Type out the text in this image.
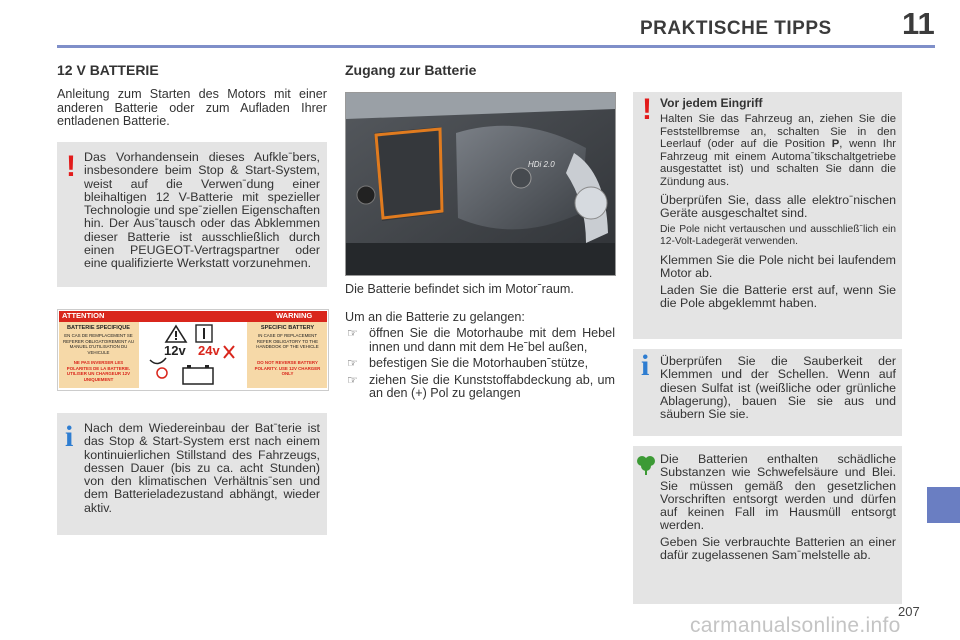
PRAKTISCHE TIPPS 11
12 V BATTERIE
Anleitung zum Starten des Motors mit einer anderen Batterie oder zum Aufladen Ihrer entladenen Batterie.
! Das Vorhandensein dieses Aufkleˉbers, insbesondere beim Stop & Start-System, weist auf die Verwenˉdung einer bleihaltigen 12 V-Batterie mit spezieller Technologie und speˉziellen Eigenschaften hin. Der Ausˉtausch oder das Abklemmen dieser Batterie ist ausschließlich durch einen PEUGEOT-Vertragspartner oder eine qualifizierte Werkstatt vorzunehmen.
ATTENTION	WARNING
BATTERIE SPECIFIQUE
EN CAS DE REMPLACEMENT SE REFERER OBLIGATOIREMENT AU MANUEL D'UTILISATION DU VEHICULE
NE PAS INVERSER LES POLARITES DE LA BATTERIE. UTILISER UN CHARGEUR 12V UNIQUEMENT
SPECIFIC BATTERY
IN CASE OF REPLACEMENT REFER OBLIGATORY TO THE HANDBOOK OF THE VEHICLE
DO NOT REVERSE BATTERY POLARITY. USE 12V CHARGER ONLY
12v 24v
i Nach dem Wiedereinbau der Batˉterie ist das Stop & Start-System erst nach einem kontinuierlichen Stillstand des Fahrzeugs, dessen Dauer (bis zu ca. acht Stunden) von den klimatischen Verhältnisˉsen und dem Batterieladezustand abhängt, wieder aktiv.
Zugang zur Batterie
HDi 2.0
Die Batterie befindet sich im Motorˉraum.
Um an die Batterie zu gelangen:
☞ öffnen Sie die Motorhaube mit dem Hebel innen und dann mit dem Heˉbel außen,
☞ befestigen Sie die Motorhaubenˉstütze,
☞ ziehen Sie die Kunststoffabdeckung ab, um an den (+) Pol zu gelangen
! Vor jedem Eingriff
Halten Sie das Fahrzeug an, ziehen Sie die Feststellbremse an, schalten Sie in den Leerlauf (oder auf die Position P, wenn Ihr Fahrzeug mit einem Automaˉtikschaltgetriebe ausgestattet ist) und schalten Sie dann die Zündung aus.
Überprüfen Sie, dass alle elektroˉnischen Geräte ausgeschaltet sind.
Die Pole nicht vertauschen und ausschließˉlich ein 12-Volt-Ladegerät verwenden.
Klemmen Sie die Pole nicht bei laufendem Motor ab.
Laden Sie die Batterie erst auf, wenn Sie die Pole abgeklemmt haben.
i Überprüfen Sie die Sauberkeit der Klemmen und der Schellen. Wenn auf diesen Sulfat ist (weißliche oder grünliche Ablagerung), bauen Sie sie aus und säubern Sie sie.
Die Batterien enthalten schädliche Substanzen wie Schwefelsäure und Blei. Sie müssen gemäß den gesetzlichen Vorschriften entsorgt werden und dürfen auf keinen Fall im Hausmüll entsorgt werden.
Geben Sie verbrauchte Batterien an einer dafür zugelassenen Samˉmelstelle ab.
207
carmanualsonline.info
